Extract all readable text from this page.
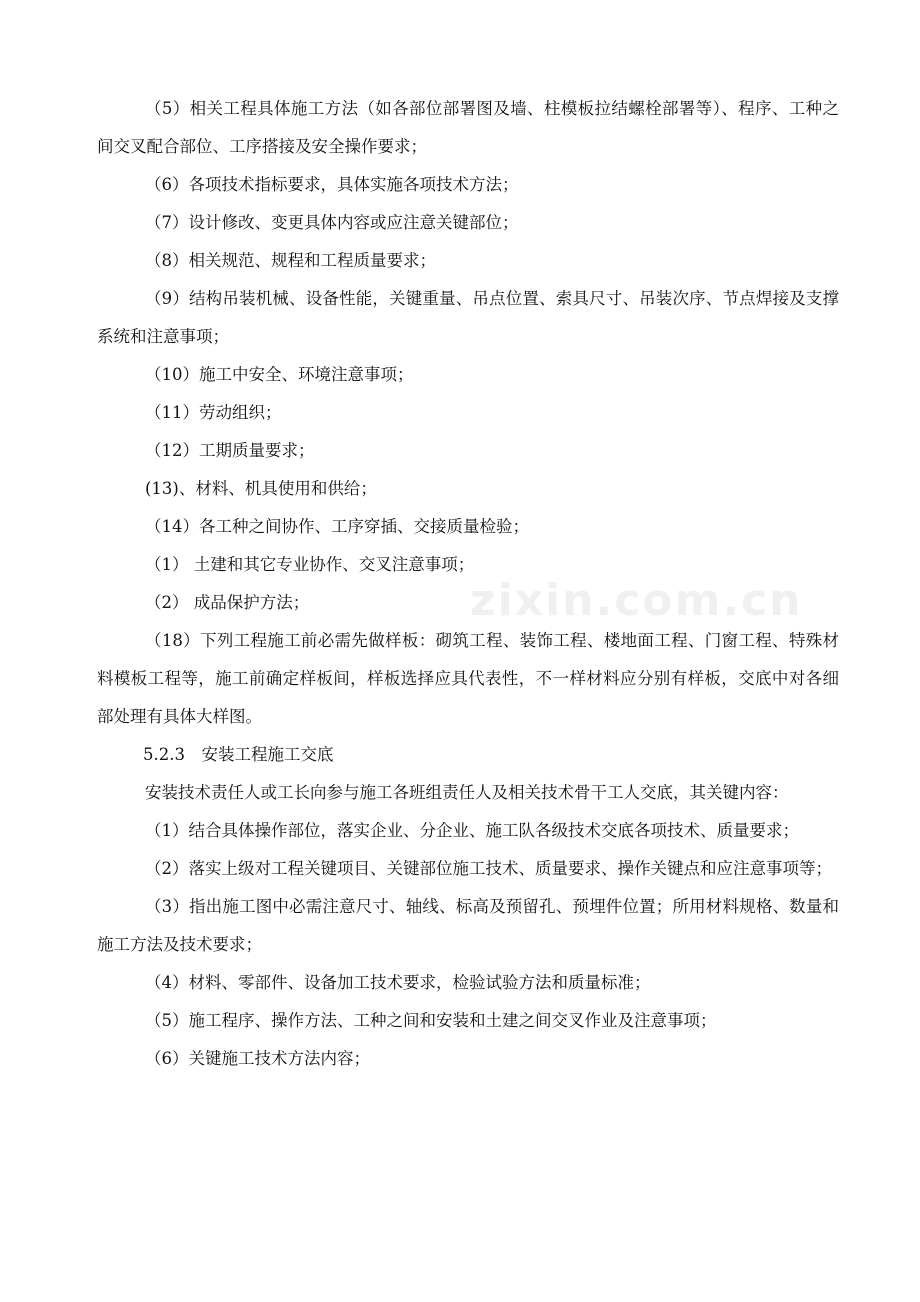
（5）相关工程具体施工方法（如各部位部署图及墙、柱模板拉结螺栓部署等）、程序、工种之间交叉配合部位、工序搭接及安全操作要求；

（6）各项技术指标要求，具体实施各项技术方法；

（7）设计修改、变更具体内容或应注意关键部位；

（8）相关规范、规程和工程质量要求；

（9）结构吊装机械、设备性能，关键重量、吊点位置、索具尺寸、吊装次序、节点焊接及支撑系统和注意事项；

（10）施工中安全、环境注意事项；

（11）劳动组织；

（12）工期质量要求；

(13)、材料、机具使用和供给；

（14）各工种之间协作、工序穿插、交接质量检验；

（1） 土建和其它专业协作、交叉注意事项；

（2） 成品保护方法；

（18）下列工程施工前必需先做样板：砌筑工程、装饰工程、楼地面工程、门窗工程、特殊材料模板工程等，施工前确定样板间，样板选择应具代表性，不一样材料应分别有样板，交底中对各细部处理有具体大样图。

5.2.3　安装工程施工交底

安装技术责任人或工长向参与施工各班组责任人及相关技术骨干工人交底，其关键内容：

（1）结合具体操作部位，落实企业、分企业、施工队各级技术交底各项技术、质量要求；

（2）落实上级对工程关键项目、关键部位施工技术、质量要求、操作关键点和应注意事项等；

（3）指出施工图中必需注意尺寸、轴线、标高及预留孔、预埋件位置；所用材料规格、数量和施工方法及技术要求；

（4）材料、零部件、设备加工技术要求，检验试验方法和质量标准；

（5）施工程序、操作方法、工种之间和安装和土建之间交叉作业及注意事项；

（6）关键施工技术方法内容；

zixin.com.cn
